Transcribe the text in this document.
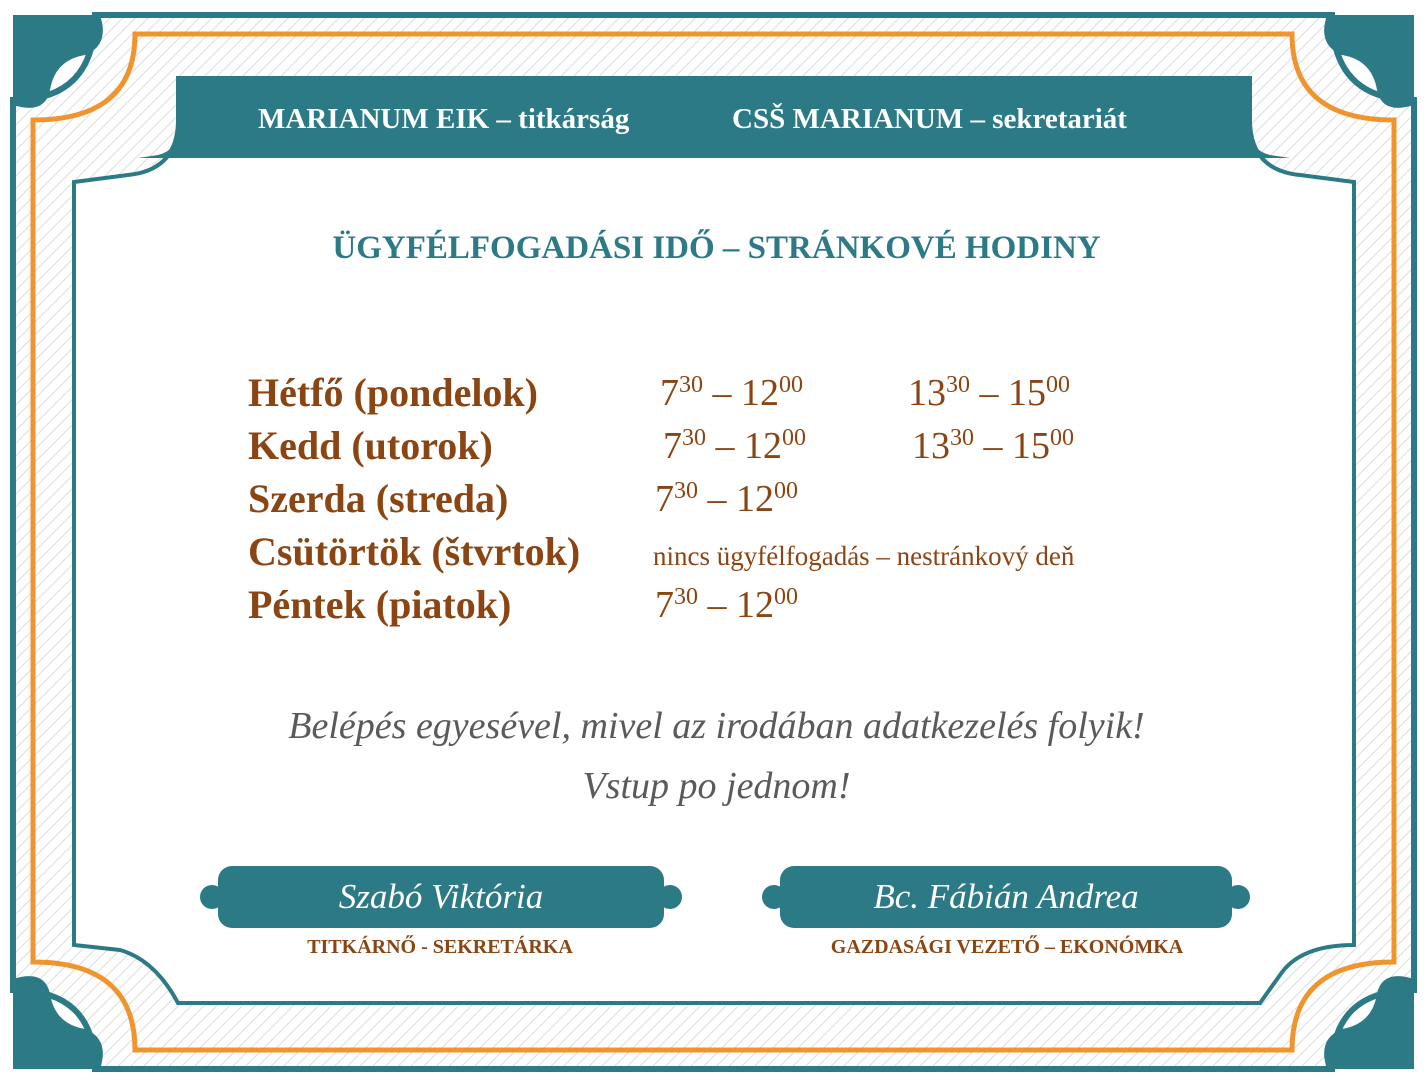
MARIANUM EIK – titkárság	CSŠ MARIANUM – sekretariát
ÜGYFÉLFOGADÁSI IDŐ – STRÁNKOVÉ HODINY
Hétfő (pondelok)	$7^{30} - 12^{00}$	$13^{30} - 15^{00}$
Kedd (utorok)	$7^{30} - 12^{00}$	$13^{30} - 15^{00}$
Szerda (streda)	$7^{30} - 12^{00}$
Csütörtök (štvrtok)	nincs ügyfélfogadás – nestránkový deň
Péntek (piatok)	$7^{30} - 12^{00}$
Belépés egyesével, mivel az irodában adatkezelés folyik!
Vstup po jednom!
Szabó Viktória	Bc. Fábián Andrea
TITKÁRNŐ - SEKRETÁRKA	GAZDASÁGI VEZETŐ – EKONÓMKA
